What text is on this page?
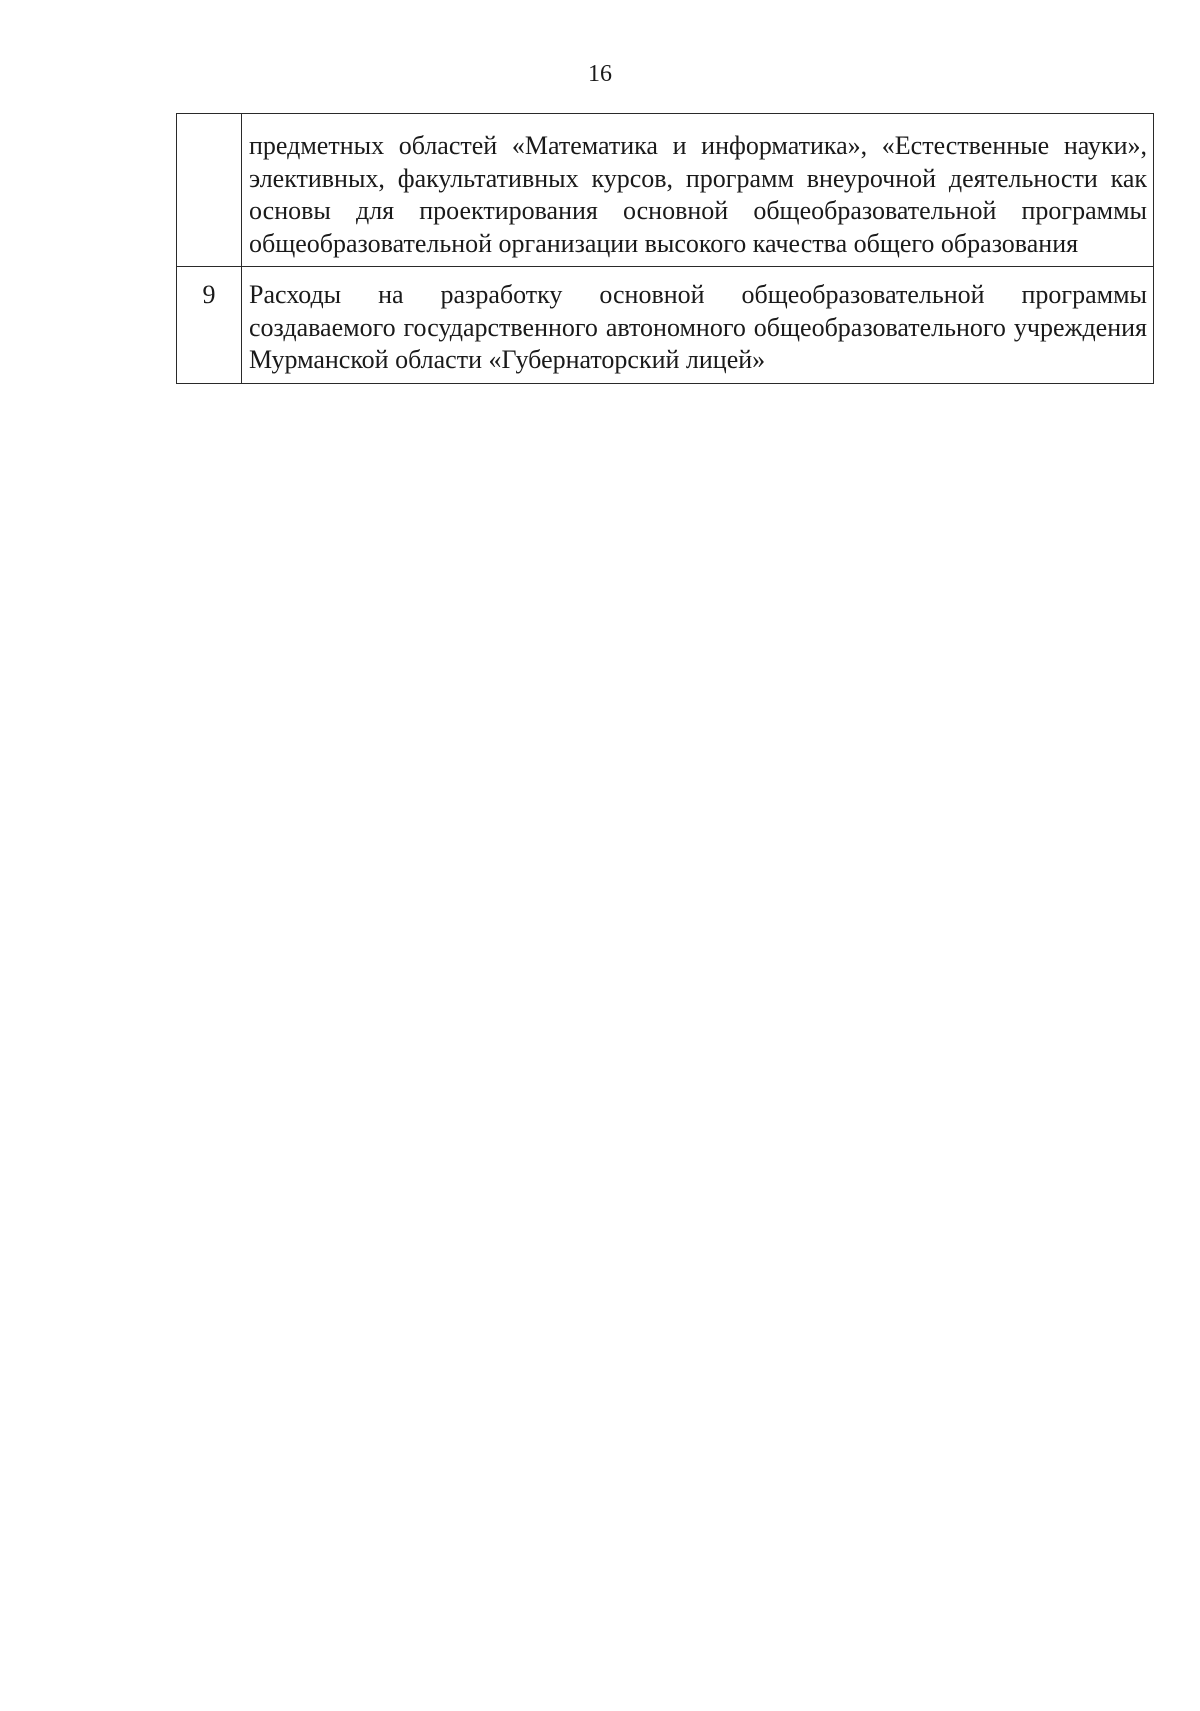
16
	предметных областей «Математика и информатика», «Естественные науки», элективных, факультативных курсов, программ внеурочной деятельности как основы для проектирования основной общеобразовательной программы общеобразовательной организации высокого качества общего образования
9	Расходы на разработку основной общеобразовательной программы создаваемого государственного автономного общеобразовательного учреждения Мурманской области «Губернаторский лицей»
